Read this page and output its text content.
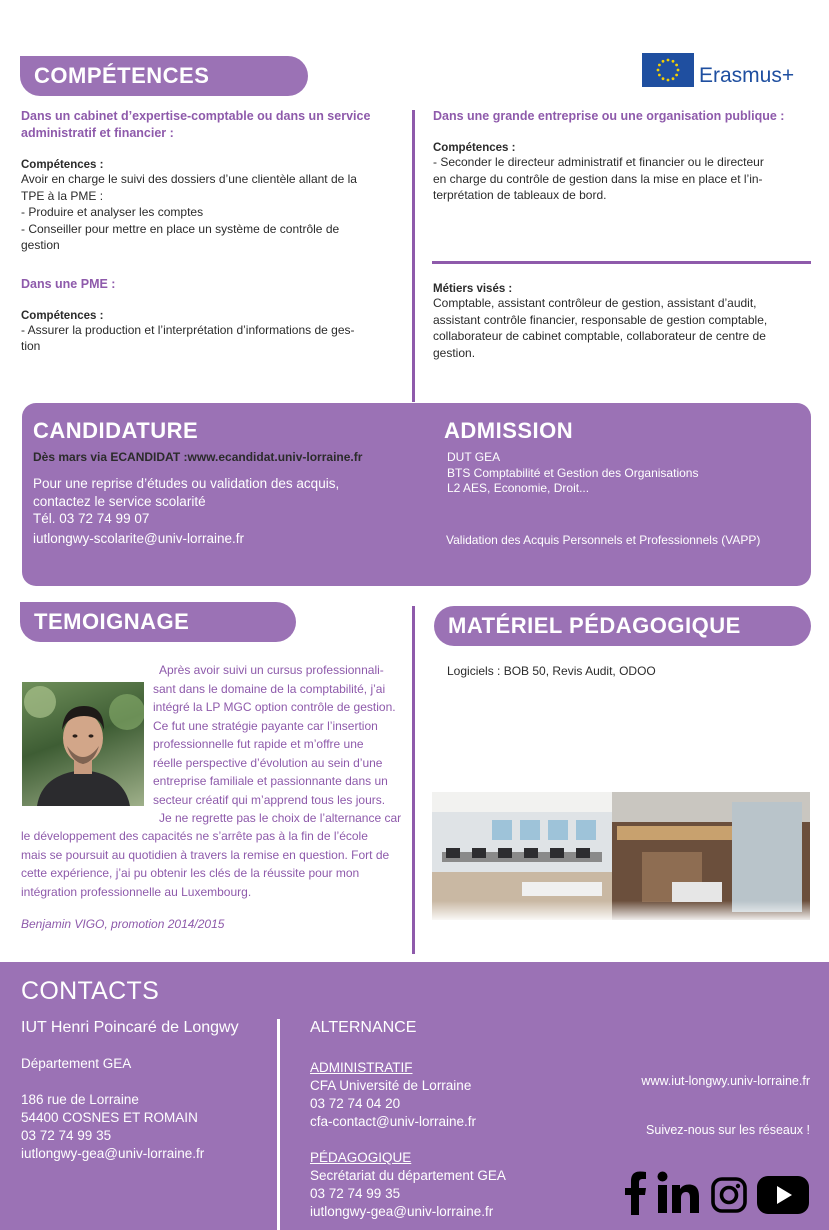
COMPÉTENCES	Erasmus+
Dans un cabinet d’expertise-comptable ou dans un service
administratif et financier :
Compétences :
Avoir en charge le suivi des dossiers d’une clientèle allant de la
TPE à la PME :
- Produire et analyser les comptes
- Conseiller pour mettre en place un système de contrôle de
gestion
Dans une PME :
Compétences :
- Assurer la production et l’interprétation d’informations de ges-
tion
Dans une grande entreprise ou une organisation publique :
Compétences :
- Seconder le directeur administratif et financier ou le directeur
en charge du contrôle de gestion dans la mise en place et l’in-
terprétation de tableaux de bord.
Métiers visés :
Comptable, assistant contrôleur de gestion, assistant d’audit,
assistant contrôle financier, responsable de gestion comptable,
collaborateur de cabinet comptable, collaborateur de centre de
gestion.
CANDIDATURE
Dès mars via ECANDIDAT :www.ecandidat.univ-lorraine.fr
Pour une reprise d’études ou validation des acquis,
contactez le service scolarité
Tél. 03 72 74 99 07
iutlongwy-scolarite@univ-lorraine.fr
ADMISSION
DUT GEA
BTS Comptabilité et Gestion des Organisations
L2 AES, Economie, Droit...
Validation des Acquis Personnels et Professionnels (VAPP)
TEMOIGNAGE
Après avoir suivi un cursus professionnali-
sant dans le domaine de la comptabilité, j’ai
intégré la LP MGC option contrôle de gestion.
Ce fut une stratégie payante car l’insertion
professionnelle fut rapide et m’offre une
réelle perspective d’évolution au sein d’une
entreprise familiale et passionnante dans un
secteur créatif qui m’apprend tous les jours.
Je ne regrette pas le choix de l’alternance car
le développement des capacités ne s’arrête pas à la fin de l’école
mais se poursuit au quotidien à travers la remise en question. Fort de
cette expérience, j’ai pu obtenir les clés de la réussite pour mon
intégration professionnelle au Luxembourg.
Benjamin VIGO, promotion 2014/2015
MATÉRIEL PÉDAGOGIQUE
Logiciels : BOB 50, Revis Audit, ODOO
CONTACTS
IUT Henri Poincaré de Longwy
Département GEA
186 rue de Lorraine
54400 COSNES ET ROMAIN
03 72 74 99 35
iutlongwy-gea@univ-lorraine.fr
ALTERNANCE
ADMINISTRATIF
CFA Université de Lorraine
03 72 74 04 20
cfa-contact@univ-lorraine.fr
PÉDAGOGIQUE
Secrétariat du département GEA
03 72 74 99 35
iutlongwy-gea@univ-lorraine.fr
www.iut-longwy.univ-lorraine.fr
Suivez-nous sur les réseaux !
